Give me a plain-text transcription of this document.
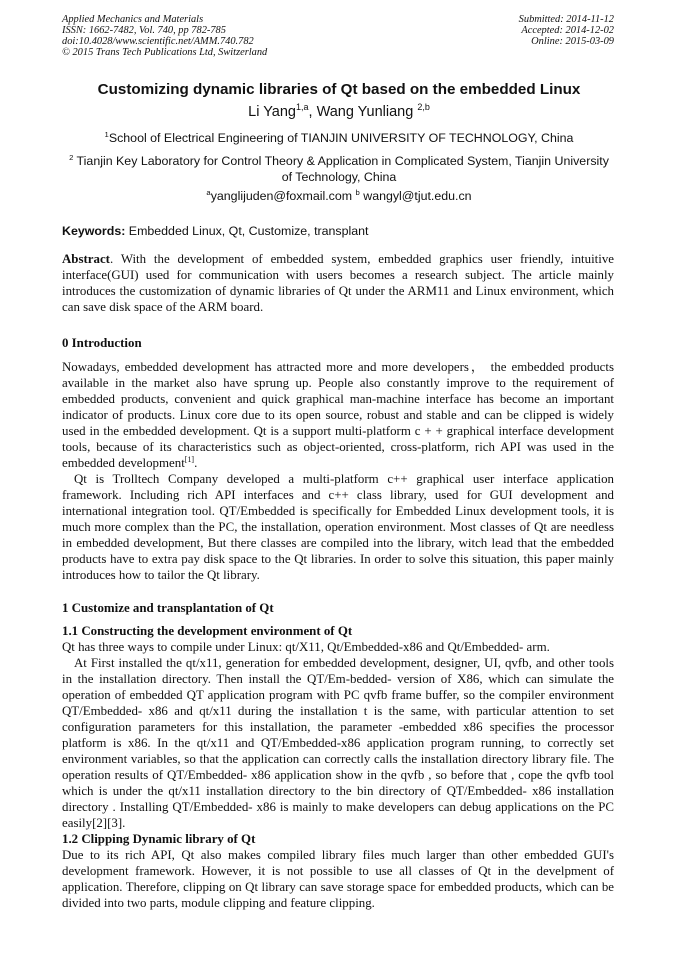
Applied Mechanics and Materials
ISSN: 1662-7482, Vol. 740, pp 782-785
doi:10.4028/www.scientific.net/AMM.740.782
© 2015 Trans Tech Publications Ltd, Switzerland
Submitted: 2014-11-12
Accepted: 2014-12-02
Online: 2015-03-09
Customizing dynamic libraries of Qt based on the embedded Linux
Li Yang$^{1,a}$, Wang Yunliang $^{2,b}$
$^1$School of Electrical Engineering of TIANJIN UNIVERSITY OF TECHNOLOGY, China
$^2$ Tianjin Key Laboratory for Control Theory & Application in Complicated System, Tianjin University of Technology, China
$^a$yanglijuden@foxmail.com $^b$ wangyl@tjut.edu.cn
Keywords: Embedded Linux, Qt, Customize, transplant

Abstract. With the development of embedded system, embedded graphics user friendly, intuitive interface(GUI) used for communication with users becomes a research subject. The article mainly introduces the customization of dynamic libraries of Qt under the ARM11 and Linux environment, which can save disk space of the ARM board.

0 Introduction

Nowadays, embedded development has attracted more and more developers， the embedded products available in the market also have sprung up. People also constantly improve to the requirement of embedded products, convenient and quick graphical man-machine interface has become an important indicator of products. Linux core due to its open source, robust and stable and can be clipped is widely used in the embedded development. Qt is a support multi-platform c + + graphical interface development tools, because of its characteristics such as object-oriented, cross-platform, rich API was used in the embedded development[1].

Qt is Trolltech Company developed a multi-platform c++ graphical user interface application framework. Including rich API interfaces and c++ class library, used for GUI development and international integration tool. QT/Embedded is specifically for Embedded Linux development tools, it is much more complex than the PC, the installation, operation environment. Most classes of Qt are needless in embedded development, But there classes are compiled into the library, witch lead that the embedded products have to extra pay disk space to the Qt libraries. In order to solve this situation, this paper mainly introduces how to tailor the Qt library.

1 Customize and transplantation of Qt
1.1 Constructing the development environment of Qt

Qt has three ways to compile under Linux: qt/X11, Qt/Embedded-x86 and Qt/Embedded- arm.

At First installed the qt/x11, generation for embedded development, designer, UI, qvfb, and other tools in the installation directory. Then install the QT/Em-bedded- version of X86, which can simulate the operation of embedded QT application program with PC qvfb frame buffer, so the compiler environment QT/Embedded- x86 and qt/x11 during the installation t is the same, with particular attention to set configuration parameters for this installation, the parameter -embedded x86 specifies the processor platform is x86. In the qt/x11 and QT/Embedded-x86 application program running, to correctly set environment variables, so that the application can correctly calls the installation directory library file. The operation results of QT/Embedded- x86 application show in the qvfb , so before that , cope the qvfb tool which is under the qt/x11 installation directory to the bin directory of QT/Embedded- x86 installation directory . Installing QT/Embedded- x86 is mainly to make developers can debug applications on the PC easily[2][3].

1.2 Clipping Dynamic library of Qt

Due to its rich API, Qt also makes compiled library files much larger than other embedded GUI's development framework. However, it is not possible to use all classes of Qt in the develpment of application. Therefore, clipping on Qt library can save storage space for embedded products, which can be divided into two parts, module clipping and feature clipping.
